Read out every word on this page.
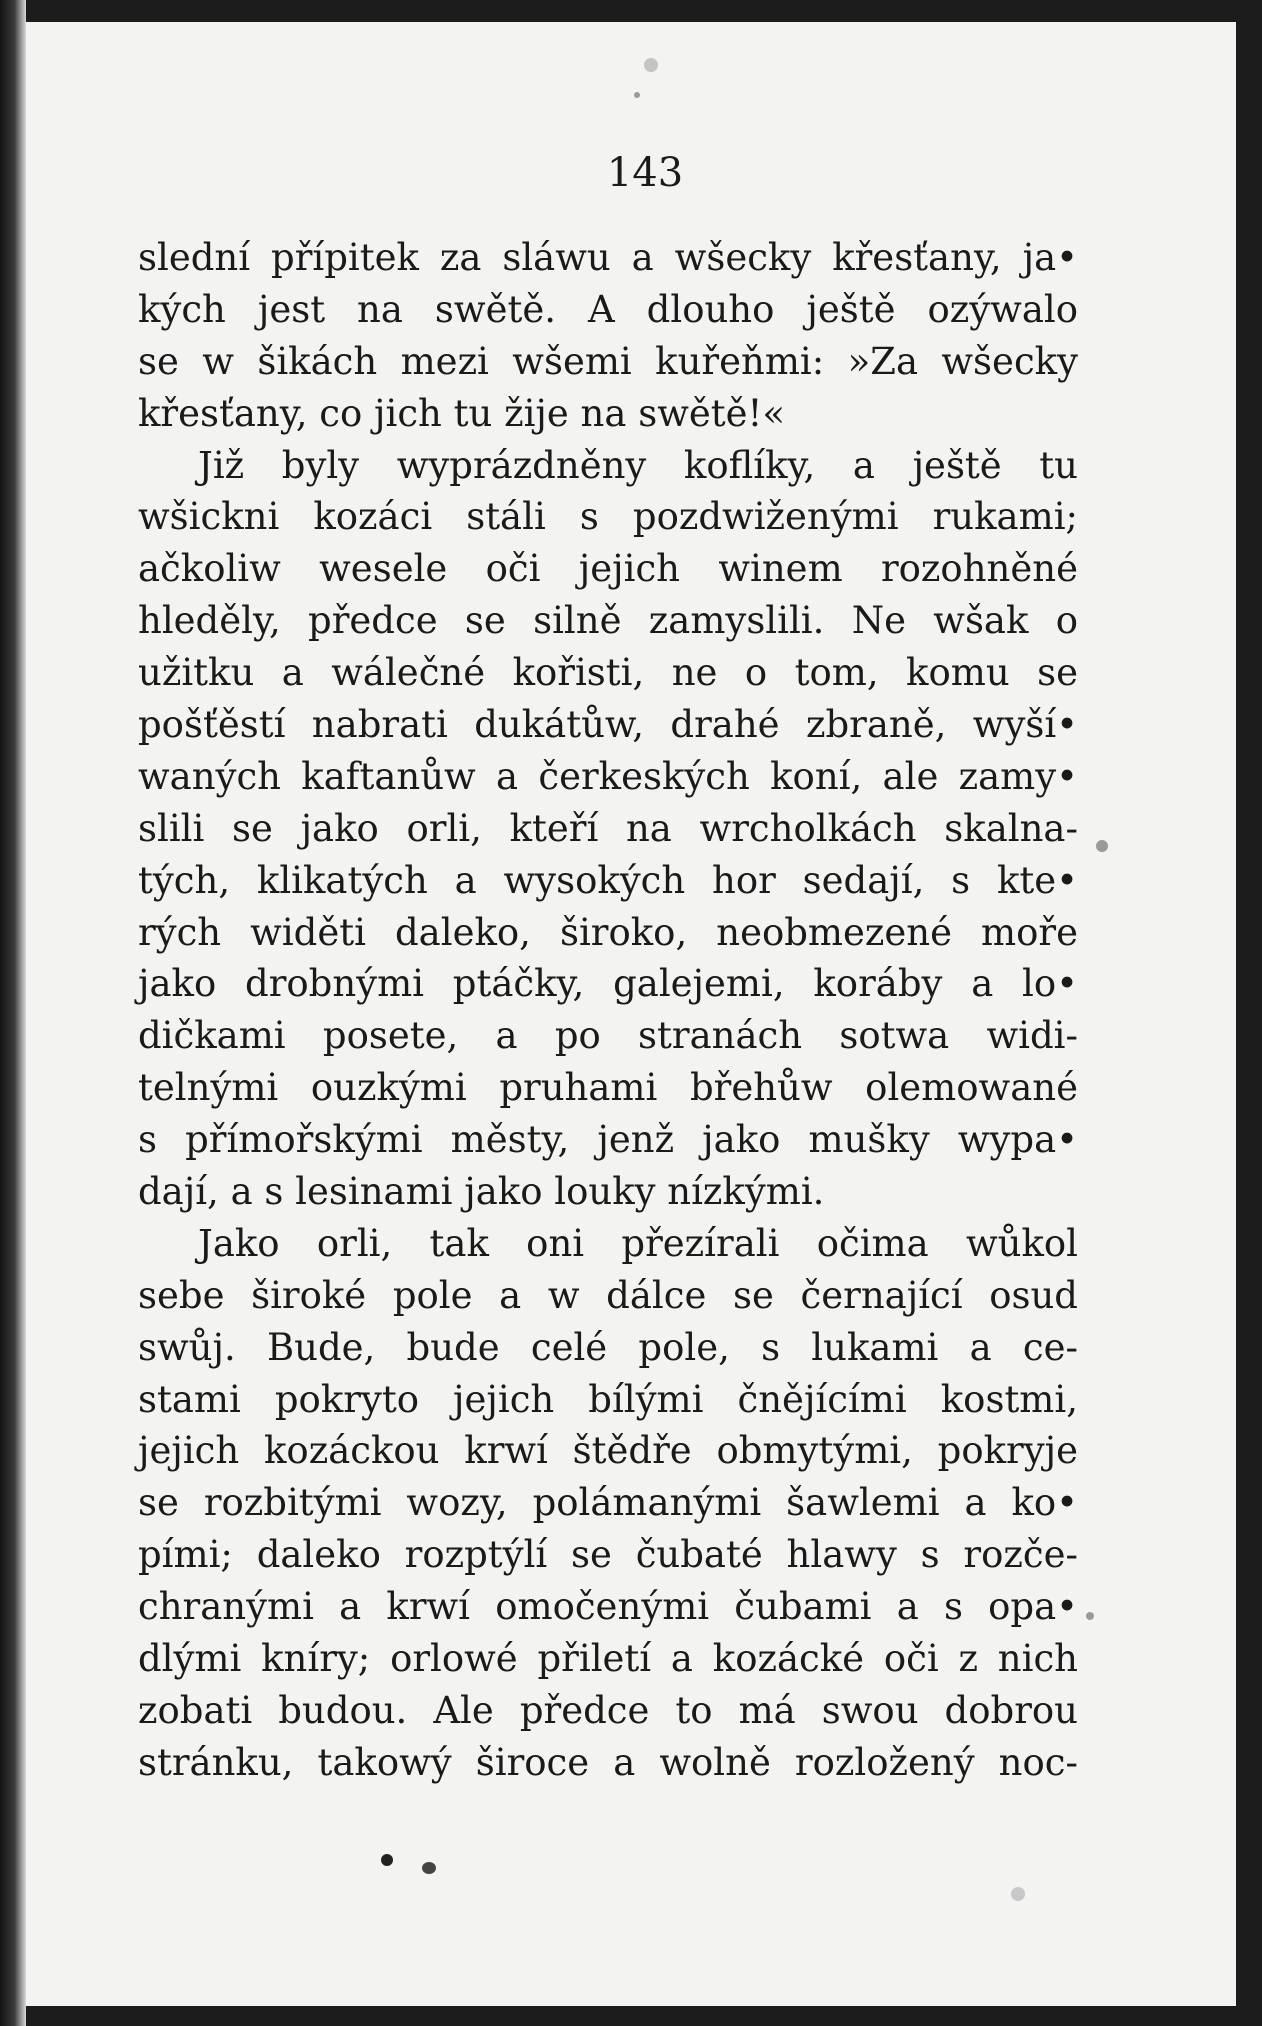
143
slední přípitek za sláwu a wšecky křesťany, ja•
kých jest na swětě. A dlouho ještě ozýwalo
se w šikách mezi wšemi kuřeňmi: »Za wšecky
křesťany, co jich tu žije na swětě!«
Již byly wyprázdněny koflíky, a ještě tu
wšickni kozáci stáli s pozdwiženými rukami;
ačkoliw wesele oči jejich winem rozohněné
hleděly, předce se silně zamyslili. Ne wšak o
užitku a wálečné kořisti, ne o tom, komu se
pošťěstí nabrati dukátůw, drahé zbraně, wyší•
waných kaftanůw a čerkeských koní, ale zamy•
slili se jako orli, kteří na wrcholkách skalna-
tých, klikatých a wysokých hor sedají, s kte•
rých widěti daleko, široko, neobmezené moře
jako drobnými ptáčky, galejemi, koráby a lo•
dičkami posete, a po stranách sotwa widi-
telnými ouzkými pruhami břehůw olemowané
s přímořskými městy, jenž jako mušky wypa•
dají, a s lesinami jako louky nízkými.
Jako orli, tak oni přezírali očima wůkol
sebe široké pole a w dálce se černající osud
swůj. Bude, bude celé pole, s lukami a ce-
stami pokryto jejich bílými čnějícími kostmi,
jejich kozáckou krwí štědře obmytými, pokryje
se rozbitými wozy, polámanými šawlemi a ko•
pími; daleko rozptýlí se čubaté hlawy s rozče-
chranými a krwí omočenými čubami a s opa•
dlými kníry; orlowé přiletí a kozácké oči z nich
zobati budou. Ale předce to má swou dobrou
stránku, takowý široce a wolně rozložený noc-
